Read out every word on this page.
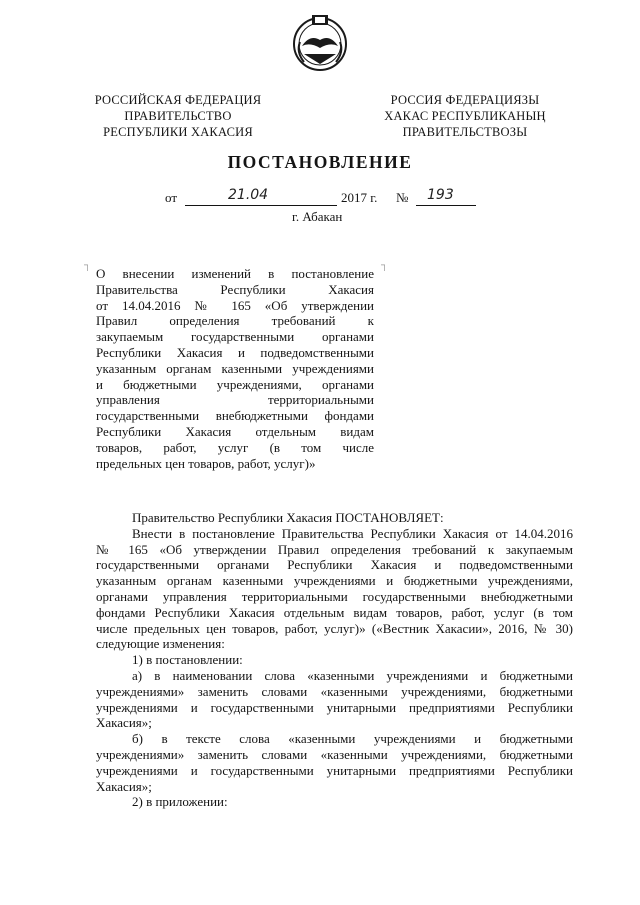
РОССИЙСКАЯ ФЕДЕРАЦИЯ
ПРАВИТЕЛЬСТВО
РЕСПУБЛИКИ ХАКАСИЯ
РОССИЯ ФЕДЕРАЦИЯЗЫ
ХАКАС РЕСПУБЛИКАНЫҢ
ПРАВИТЕЛЬСТВОЗЫ
ПОСТАНОВЛЕНИЕ
от	21.04	2017 г. № 193
г. Абакан
┐	┐
О внесении изменений в постановление
Правительства Республики Хакасия
от 14.04.2016 № 165 «Об утверждении
Правил определения требований к
закупаемым государственными органами
Республики Хакасия и подведомственными
указанным органам казенными учреждениями
и бюджетными учреждениями, органами
управления территориальными
государственными внебюджетными фондами
Республики Хакасия отдельным видам
товаров, работ, услуг (в том числе
предельных цен товаров, работ, услуг)»
Правительство Республики Хакасия ПОСТАНОВЛЯЕТ:
Внести в постановление Правительства Республики Хакасия от 14.04.2016
№ 165 «Об утверждении Правил определения требований к закупаемым
государственными органами Республики Хакасия и подведомственными
указанным органам казенными учреждениями и бюджетными учреждениями,
органами управления территориальными государственными внебюджетными
фондами Республики Хакасия отдельным видам товаров, работ, услуг (в том
числе предельных цен товаров, работ, услуг)» («Вестник Хакасии», 2016, № 30)
следующие изменения:
1) в постановлении:
а) в наименовании слова «казенными учреждениями и бюджетными
учреждениями» заменить словами «казенными учреждениями, бюджетными
учреждениями и государственными унитарными предприятиями Республики
Хакасия»;
б) в тексте слова «казенными учреждениями и бюджетными
учреждениями» заменить словами «казенными учреждениями, бюджетными
учреждениями и государственными унитарными предприятиями Республики
Хакасия»;
2) в приложении:
